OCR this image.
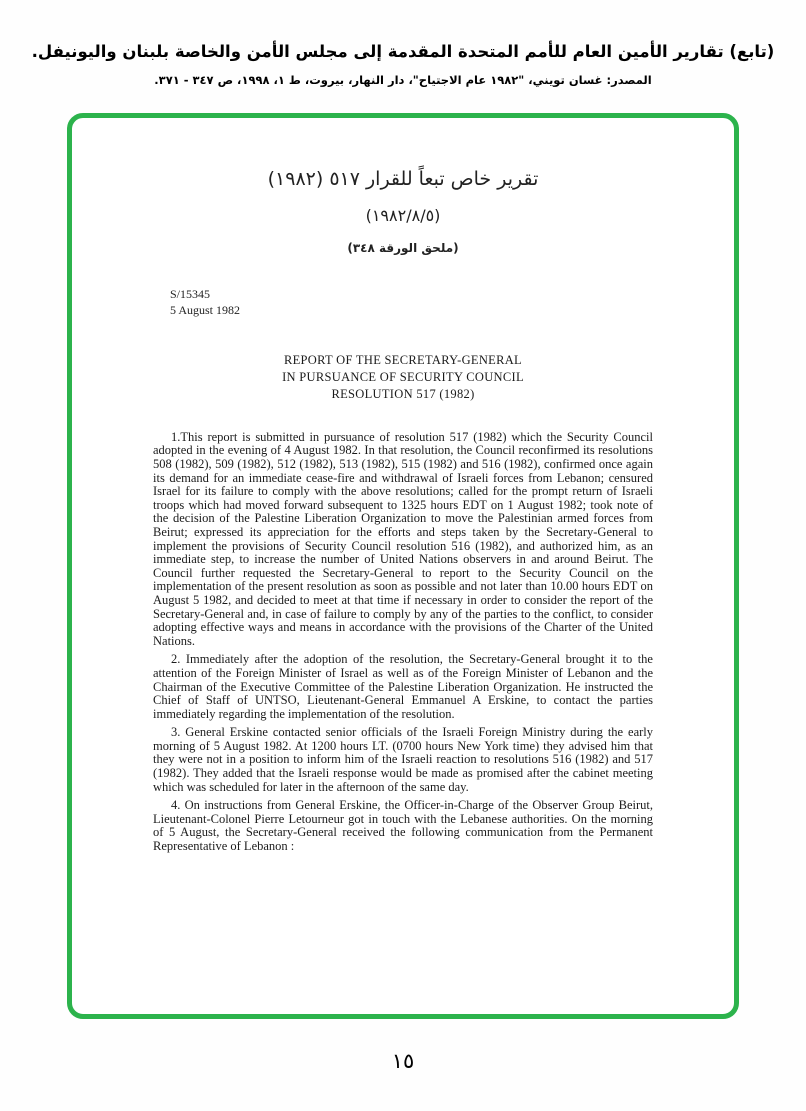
(تابع) تقارير الأمين العام للأمم المتحدة المقدمة إلى مجلس الأمن والخاصة بلبنان واليونيفل.
المصدر: غسان تويني، "١٩٨٢ عام الاجتياح"، دار النهار، بيروت، ط ١، ١٩٩٨، ص ٣٤٧ - ٣٧١.
تقرير خاص تبعاً للقرار ٥١٧ (١٩٨٢)
(١٩٨٢/٨/٥)
(ملحق الورقة ٣٤٨)
S/15345
5 August 1982
REPORT OF THE SECRETARY-GENERAL
IN PURSUANCE OF SECURITY COUNCIL
RESOLUTION 517 (1982)

1.This report is submitted in pursuance of resolution 517 (1982) which the Security Council adopted in the evening of 4 August 1982. In that resolution, the Council reconfirmed its resolutions 508 (1982), 509 (1982), 512 (1982), 513 (1982), 515 (1982) and 516 (1982), confirmed once again its demand for an immediate cease-fire and withdrawal of Israeli forces from Lebanon; censured Israel for its failure to comply with the above resolutions; called for the prompt return of Israeli troops which had moved forward subsequent to 1325 hours EDT on 1 August 1982; took note of the decision of the Palestine Liberation Organization to move the Palestinian armed forces from Beirut; expressed its appreciation for the efforts and steps taken by the Secretary-General to implement the provisions of Security Council resolution 516 (1982), and authorized him, as an immediate step, to increase the number of United Nations observers in and around Beirut. The Council further requested the Secretary-General to report to the Security Council on the implementation of the present resolution as soon as possible and not later than 10.00 hours EDT on August 5 1982, and decided to meet at that time if necessary in order to consider the report of the Secretary-General and, in case of failure to comply by any of the parties to the conflict, to consider adopting effective ways and means in accordance with the provisions of the Charter of the United Nations.

2. Immediately after the adoption of the resolution, the Secretary-General brought it to the attention of the Foreign Minister of Israel as well as of the Foreign Minister of Lebanon and the Chairman of the Executive Committee of the Palestine Liberation Organization. He instructed the Chief of Staff of UNTSO, Lieutenant-General Emmanuel A Erskine, to contact the parties immediately regarding the implementation of the resolution.

3. General Erskine contacted senior officials of the Israeli Foreign Ministry during the early morning of 5 August 1982. At 1200 hours LT. (0700 hours New York time) they advised him that they were not in a position to inform him of the Israeli reaction to resolutions 516 (1982) and 517 (1982). They added that the Israeli response would be made as promised after the cabinet meeting which was scheduled for later in the afternoon of the same day.

4. On instructions from General Erskine, the Officer-in-Charge of the Observer Group Beirut, Lieutenant-Colonel Pierre Letourneur got in touch with the Lebanese authorities. On the morning of 5 August, the Secretary-General received the following communication from the Permanent Representative of Lebanon :

١٥
